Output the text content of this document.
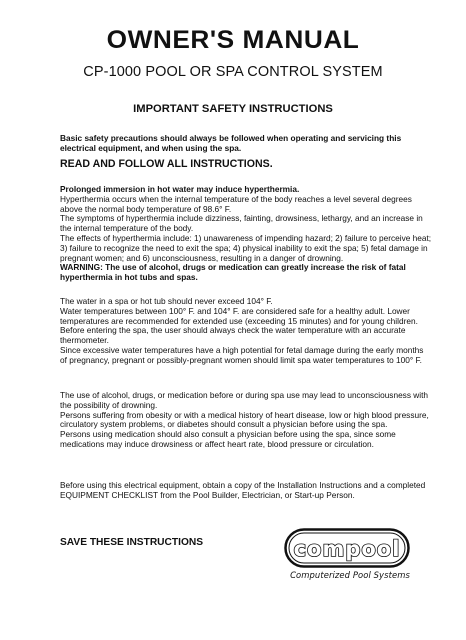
OWNER'S MANUAL
CP-1000 POOL OR SPA CONTROL SYSTEM
IMPORTANT SAFETY INSTRUCTIONS
Basic safety precautions should always be followed when operating and servicing this electrical equipment, and when using the spa.
READ AND FOLLOW ALL INSTRUCTIONS.

Prolonged immersion in hot water may induce hyperthermia.

Hyperthermia occurs when the internal temperature of the body reaches a level several degrees above the normal body temperature of 98.6° F.

The symptoms of hyperthermia include dizziness, fainting, drowsiness, lethargy, and an increase in the internal temperature of the body.

The effects of hyperthermia include: 1) unawareness of impending hazard; 2) failure to perceive heat; 3) failure to recognize the need to exit the spa; 4) physical inability to exit the spa; 5) fetal damage in pregnant women; and 6) unconsciousness, resulting in a danger of drowning.

WARNING: The use of alcohol, drugs or medication can greatly increase the risk of fatal hyperthermia in hot tubs and spas.

The water in a spa or hot tub should never exceed 104° F.

Water temperatures between 100° F. and 104° F. are considered safe for a healthy adult. Lower temperatures are recommended for extended use (exceeding 15 minutes) and for young children.

Before entering the spa, the user should always check the water temperature with an accurate thermometer.

Since excessive water temperatures have a high potential for fetal damage during the early months of pregnancy, pregnant or possibly-pregnant women should limit spa water temperatures to 100° F.

The use of alcohol, drugs, or medication before or during spa use may lead to unconsciousness with the possibility of drowning.

Persons suffering from obesity or with a medical history of heart disease, low or high blood pressure, circulatory system problems, or diabetes should consult a physician before using the spa.

Persons using medication should also consult a physician before using the spa, since some medications may induce drowsiness or affect heart rate, blood pressure or circulation.

Before using this electrical equipment, obtain a copy of the Installation Instructions and a completed EQUIPMENT CHECKLIST from the Pool Builder, Electrician, or Start-up Person.

SAVE THESE INSTRUCTIONS	compool
Computerized Pool Systems
